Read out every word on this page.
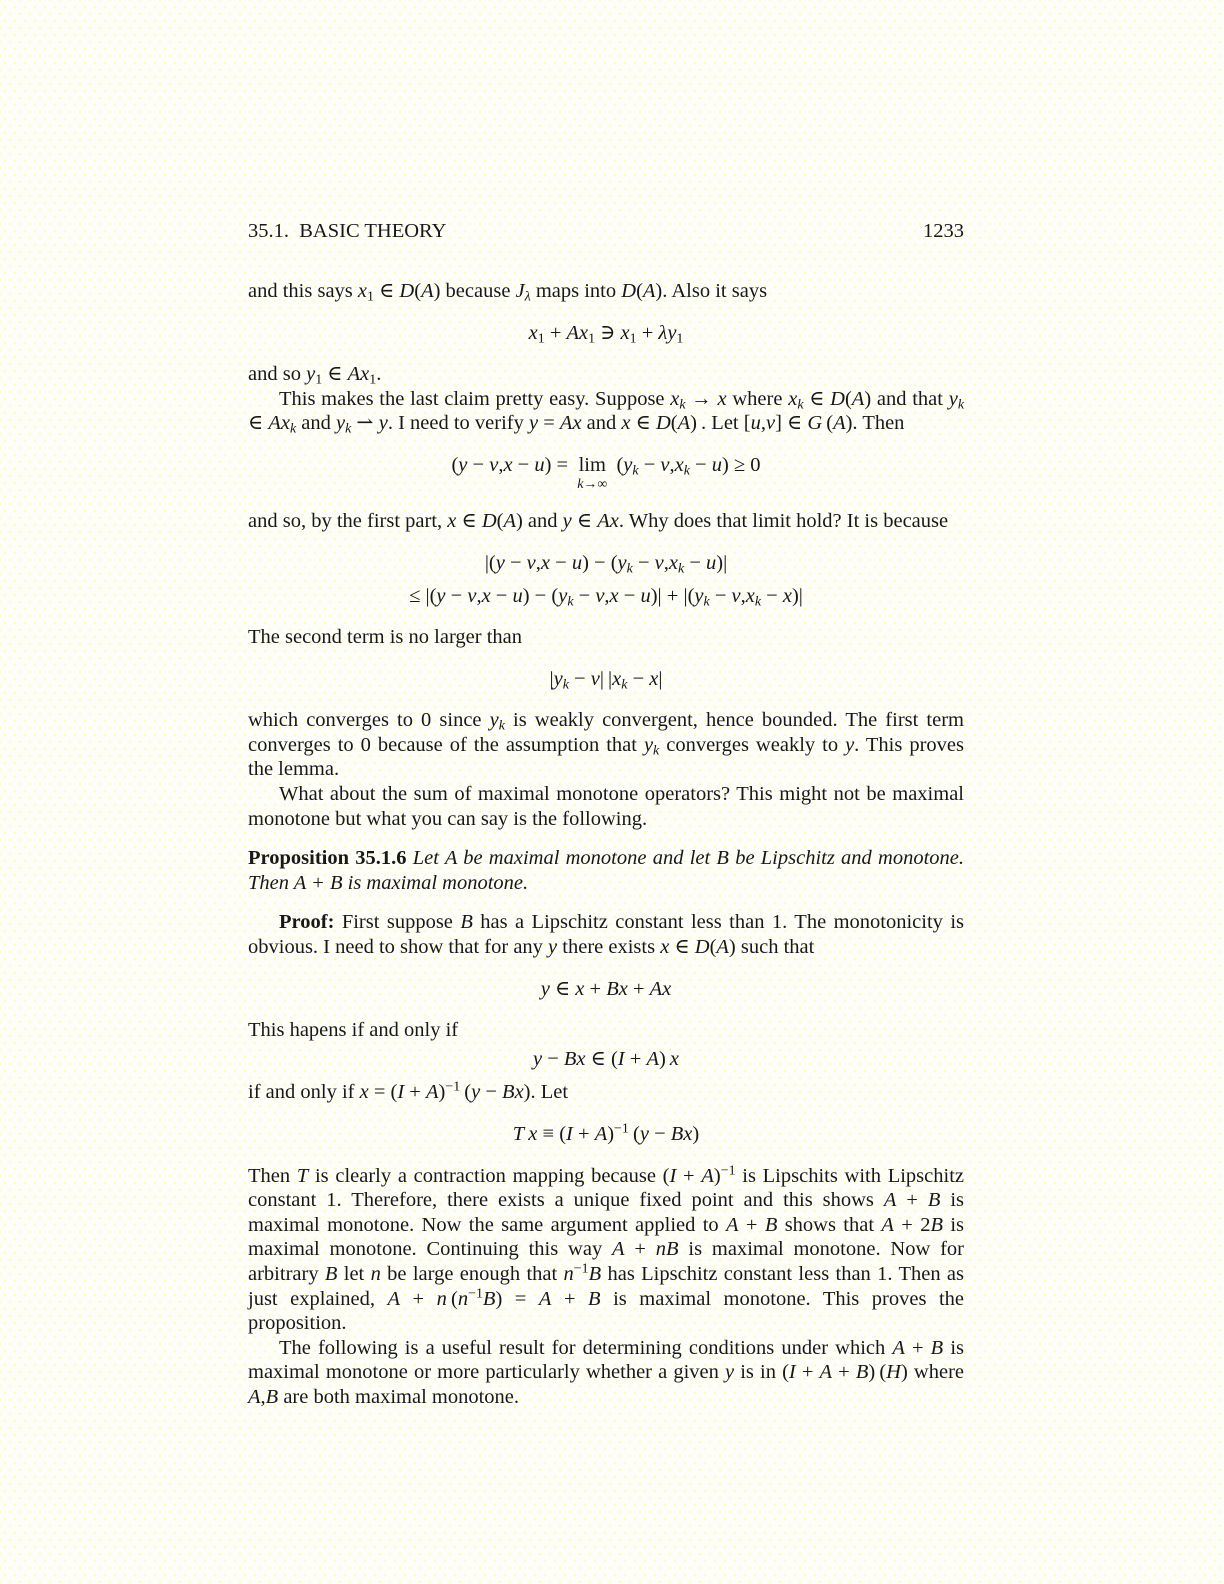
35.1.  BASIC THEORY	1233
and this says $x_1$ ∈ D(A) because $J_\lambda$ maps into D(A). Also it says
$x_1 + Ax_1$ ∋ $x_1 + \lambda y_1$
and so $y_1$ ∈ $Ax_1$.
This makes the last claim pretty easy. Suppose $x_k \to x$ where $x_k$ ∈ D(A) and that $y_k$ ∈ $Ax_k$ and $y_k$ ⇀ y. I need to verify y = Ax and x ∈ D(A) . Let [u,v] ∈ G (A). Then
(y − v,x − u) = lim
k→∞
$(y_k - v,x_k - u) \ge 0$
and so, by the first part, x ∈ D(A) and y ∈ Ax. Why does that limit hold? It is because
$|(y - v,x - u) - (y_k - v,x_k - u)|$
≤ $|(y - v,x - u) - (y_k - v,x - u)| + |(y_k - v,x_k - x)|$
The second term is no larger than
$|y_k - v|$ $|x_k - x|$
which converges to 0 since $y_k$ is weakly convergent, hence bounded. The first term converges to 0 because of the assumption that $y_k$ converges weakly to y. This proves the lemma.
What about the sum of maximal monotone operators? This might not be maximal monotone but what you can say is the following.
Proposition 35.1.6 Let A be maximal monotone and let B be Lipschitz and monotone. Then A + B is maximal monotone.
Proof: First suppose B has a Lipschitz constant less than 1. The monotonicity is obvious. I need to show that for any y there exists x ∈ D(A) such that
y ∈ x + Bx + Ax
This hapens if and only if
y − Bx ∈ (I + A) x
if and only if $x = (I + A)^{-1}$ (y − Bx). Let
T $x \equiv (I + A)^{-1}$ (y − Bx)
Then T is clearly a contraction mapping because $(I + A)^{-1}$ is Lipschits with Lipschitz constant 1. Therefore, there exists a unique fixed point and this shows A + B is maximal monotone. Now the same argument applied to A + B shows that A + 2B is maximal monotone. Continuing this way A + nB is maximal monotone. Now for arbitrary B let n be large enough that $n^{-1}B$ has Lipschitz constant less than 1. Then as just explained, A + n $(n^{-1}B) = A + B$ is maximal monotone. This proves the proposition.
The following is a useful result for determining conditions under which A + B is maximal monotone or more particularly whether a given y is in (I + A + B) (H) where A,B are both maximal monotone.
